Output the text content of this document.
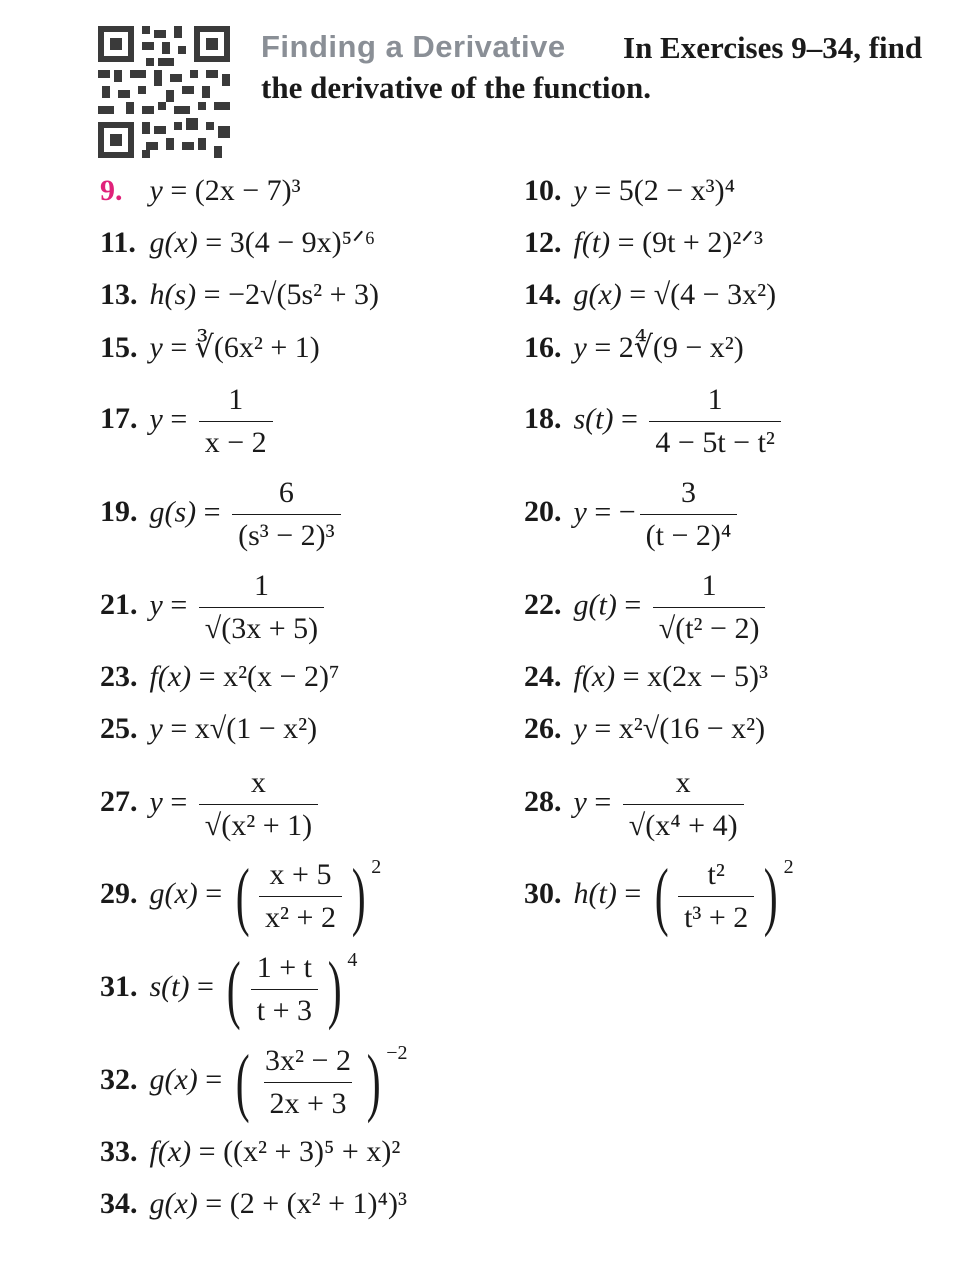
Finding a Derivative In Exercises 9–34, find
the derivative of the function.
9. y = (2x − 7)³	10. y = 5(2 − x³)⁴
11. g(x) = 3(4 − 9x)⁵ᐟ⁶	12. f(t) = (9t + 2)²ᐟ³
13. h(s) = −2√(5s² + 3)	14. g(x) = √(4 − 3x²)
15. y = ∛(6x² + 1)	16. y = 2∜(9 − x²)
17. $y = \frac{1}{x - 2}$	18. $s(t) = \frac{1}{\text{4 − 5t − t²}}$
19. $g(s) = \frac{6}{\text{(s³ − 2)³}}$	20. y = − $\frac{3}{\text{(t − 2)⁴}}$
21. $y = \frac{1}{√(3x + 5)}$	22. $g(t) = \frac{1}{\text{√(t² − 2)}}$
23. f(x) = x²(x − 2)⁷	24. f(x) = x(2x − 5)³
25. y = x√(1 − x²)	26. y = x²√(16 − x²)
27. $y = \frac{x}{\text{√(x² + 1)}}$	28. $y = \frac{x}{\text{√(x⁴ + 4)}}$
29. g(x) = ( $\frac{x + 5}{\text{x² + 2}}$ ) $^2$
30. h(t) = ( $\frac{\text{t²}}{\text{t³ + 2}}$ ) $^2$
31. s(t) = ( $\frac{1 + t}{t + 3}$ ) $^4$
32. g(x) = ( $\frac{\text{3x² − 2}}{2x + 3}$ ) $^{-2}$
33. f(x) = ((x² + 3)⁵ + x)²
34. g(x) = (2 + (x² + 1)⁴)³
